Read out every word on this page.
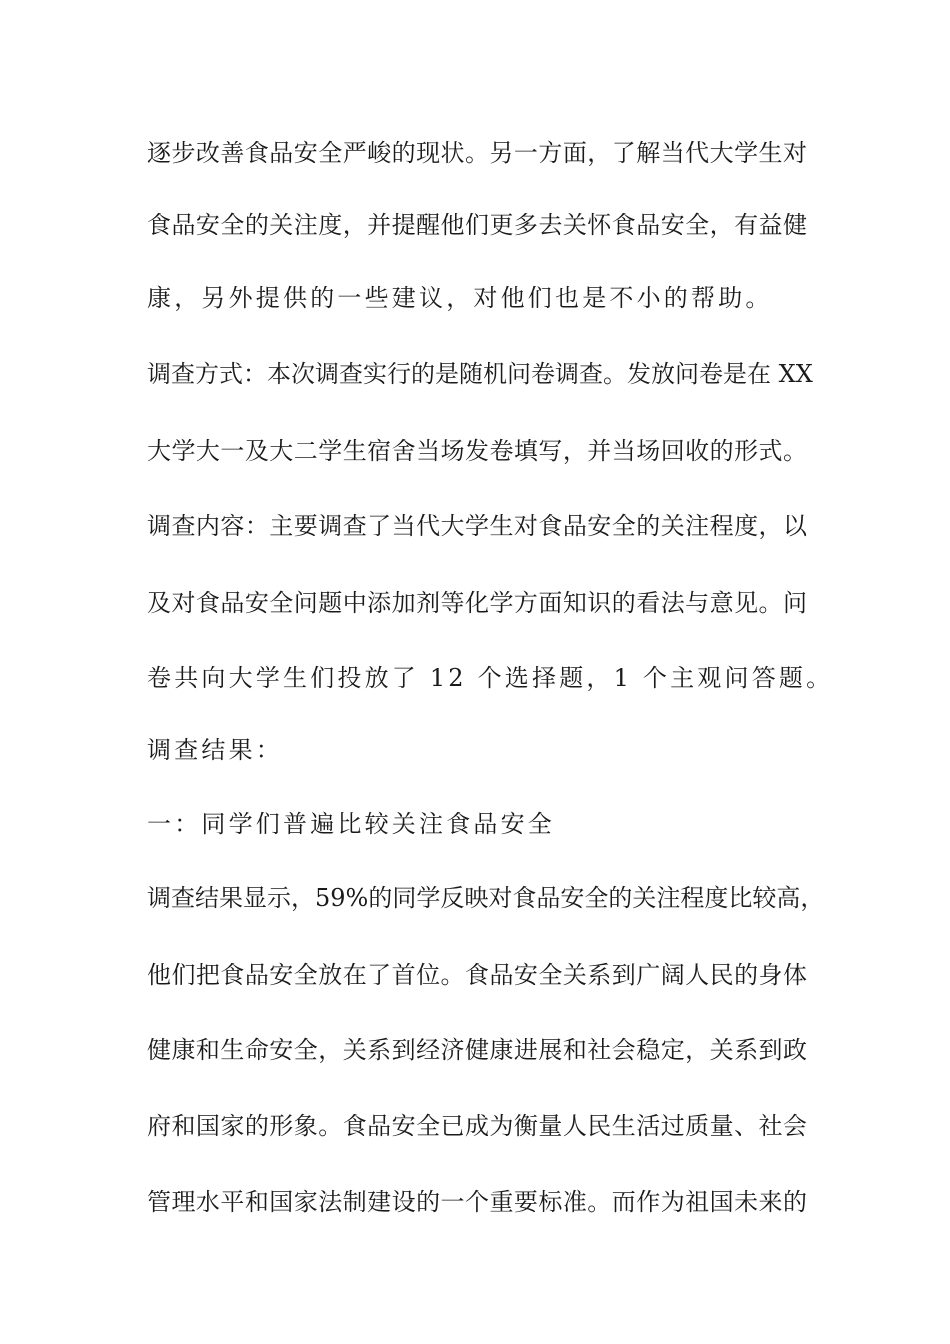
逐步改善食品安全严峻的现状。另一方面，了解当代大学生对
食品安全的关注度，并提醒他们更多去关怀食品安全，有益健
康，另外提供的一些建议，对他们也是不小的帮助。
调查方式：本次调查实行的是随机问卷调查。发放问卷是在 XX
大学大一及大二学生宿舍当场发卷填写，并当场回收的形式。
调查内容：主要调查了当代大学生对食品安全的关注程度，以
及对食品安全问题中添加剂等化学方面知识的看法与意见。问
卷共向大学生们投放了 12 个选择题，1 个主观问答题。
调查结果：
一：同学们普遍比较关注食品安全
调查结果显示，59%的同学反映对食品安全的关注程度比较高，
他们把食品安全放在了首位。食品安全关系到广阔人民的身体
健康和生命安全，关系到经济健康进展和社会稳定，关系到政
府和国家的形象。食品安全已成为衡量人民生活过质量、社会
管理水平和国家法制建设的一个重要标准。而作为祖国未来的
